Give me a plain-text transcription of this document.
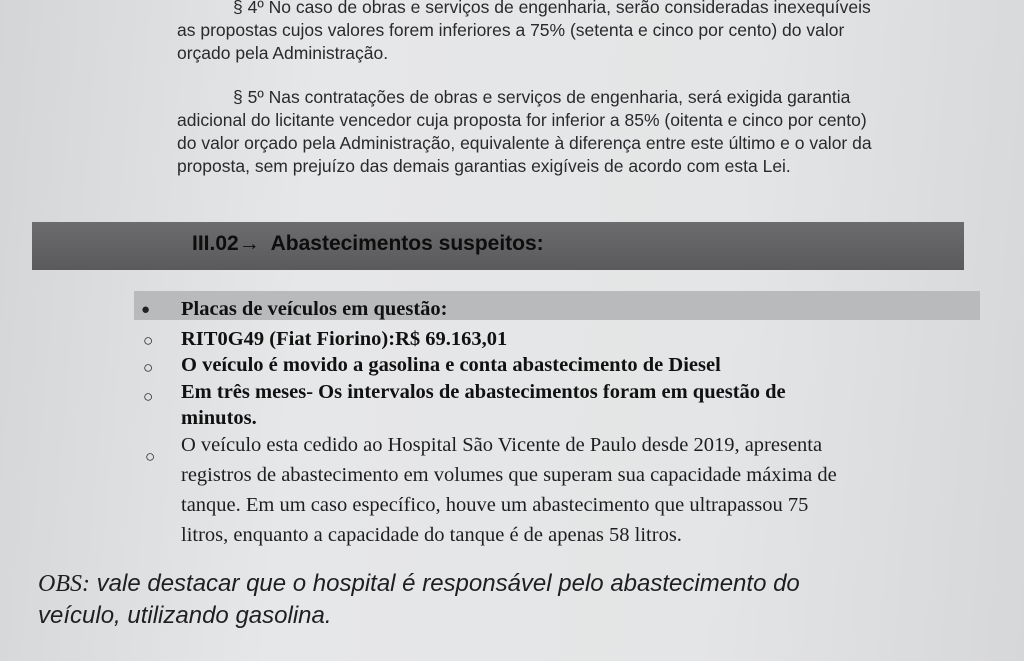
§ 4º No caso de obras e serviços de engenharia, serão consideradas inexequíveis
as propostas cujos valores forem inferiores a 75% (setenta e cinco por cento) do valor
orçado pela Administração.
§ 5º Nas contratações de obras e serviços de engenharia, será exigida garantia
adicional do licitante vencedor cuja proposta for inferior a 85% (oitenta e cinco por cento)
do valor orçado pela Administração, equivalente à diferença entre este último e o valor da
proposta, sem prejuízo das demais garantias exigíveis de acordo com esta Lei.
III.02→ Abastecimentos suspeitos:
● Placas de veículos em questão:
○ RIT0G49 (Fiat Fiorino):R$ 69.163,01
○ O veículo é movido a gasolina e conta abastecimento de Diesel
○ Em três meses- Os intervalos de abastecimentos foram em questão de
minutos.
○
O veículo esta cedido ao Hospital São Vicente de Paulo desde 2019, apresenta
registros de abastecimento em volumes que superam sua capacidade máxima de
tanque. Em um caso específico, houve um abastecimento que ultrapassou 75
litros, enquanto a capacidade do tanque é de apenas 58 litros.
OBS: vale destacar que o hospital é responsável pelo abastecimento do
veículo, utilizando gasolina.
